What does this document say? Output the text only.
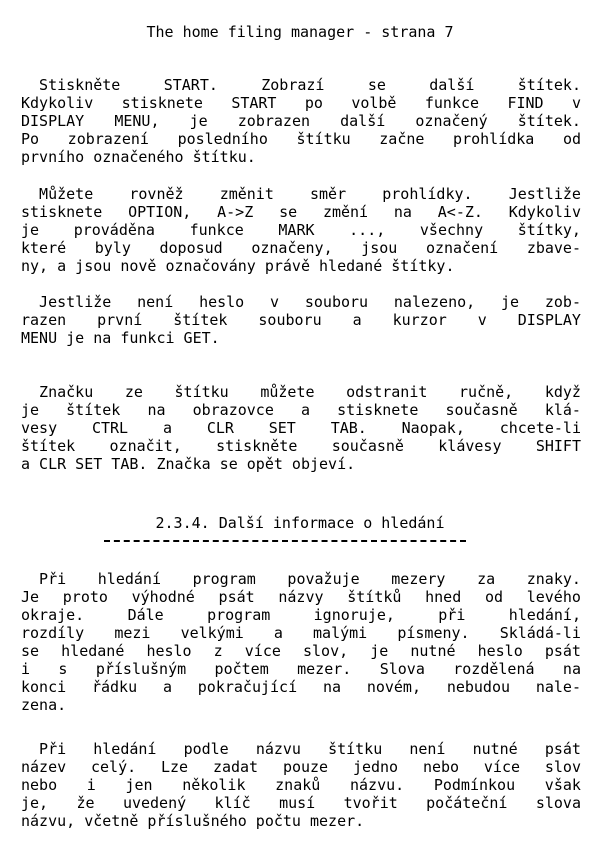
The home filing manager - strana 7
2.3.4. Další informace o hledání
Stiskněte	START.	Zobrazí	se	další	štítek.
Kdykoliv stisknete START po volbě funkce FIND v
DISPLAY MENU, je zobrazen další označený štítek.
Po zobrazení posledního štítku začne prohlídka od
prvního označeného štítku.
Můžete rovněž změnit směr prohlídky. Jestliže
stisknete OPTION, A->Z se změní na A<-Z. Kdykoliv
je prováděna funkce MARK ..., všechny štítky,
které byly doposud označeny, jsou označení zbave-
ny, a jsou nově označovány právě hledané štítky.
Jestliže není heslo v souboru nalezeno, je zob-
razen první štítek souboru a kurzor v DISPLAY
MENU je na funkci GET.
Značku ze štítku můžete odstranit ručně, když
je štítek na obrazovce a stisknete současně klá-
vesy CTRL a CLR SET TAB. Naopak, chcete-li
štítek označit, stiskněte současně klávesy SHIFT
a CLR SET TAB. Značka se opět objeví.
Při hledání program považuje mezery za znaky.
Je proto výhodné psát názvy štítků hned od levého
okraje.	Dále	program	ignoruje,	při	hledání,
rozdíly mezi velkými a malými písmeny. Skládá-li
se hledané heslo z více slov, je nutné heslo psát
i s příslušným počtem mezer. Slova rozdělená na
konci řádku a pokračující na novém, nebudou nale-
zena.
Při hledání podle názvu štítku není nutné psát
název celý. Lze zadat pouze jedno nebo více slov
nebo i jen několik znaků názvu. Podmínkou však
je, že uvedený klíč musí tvořit počáteční slova
názvu, včetně příslušného počtu mezer.
